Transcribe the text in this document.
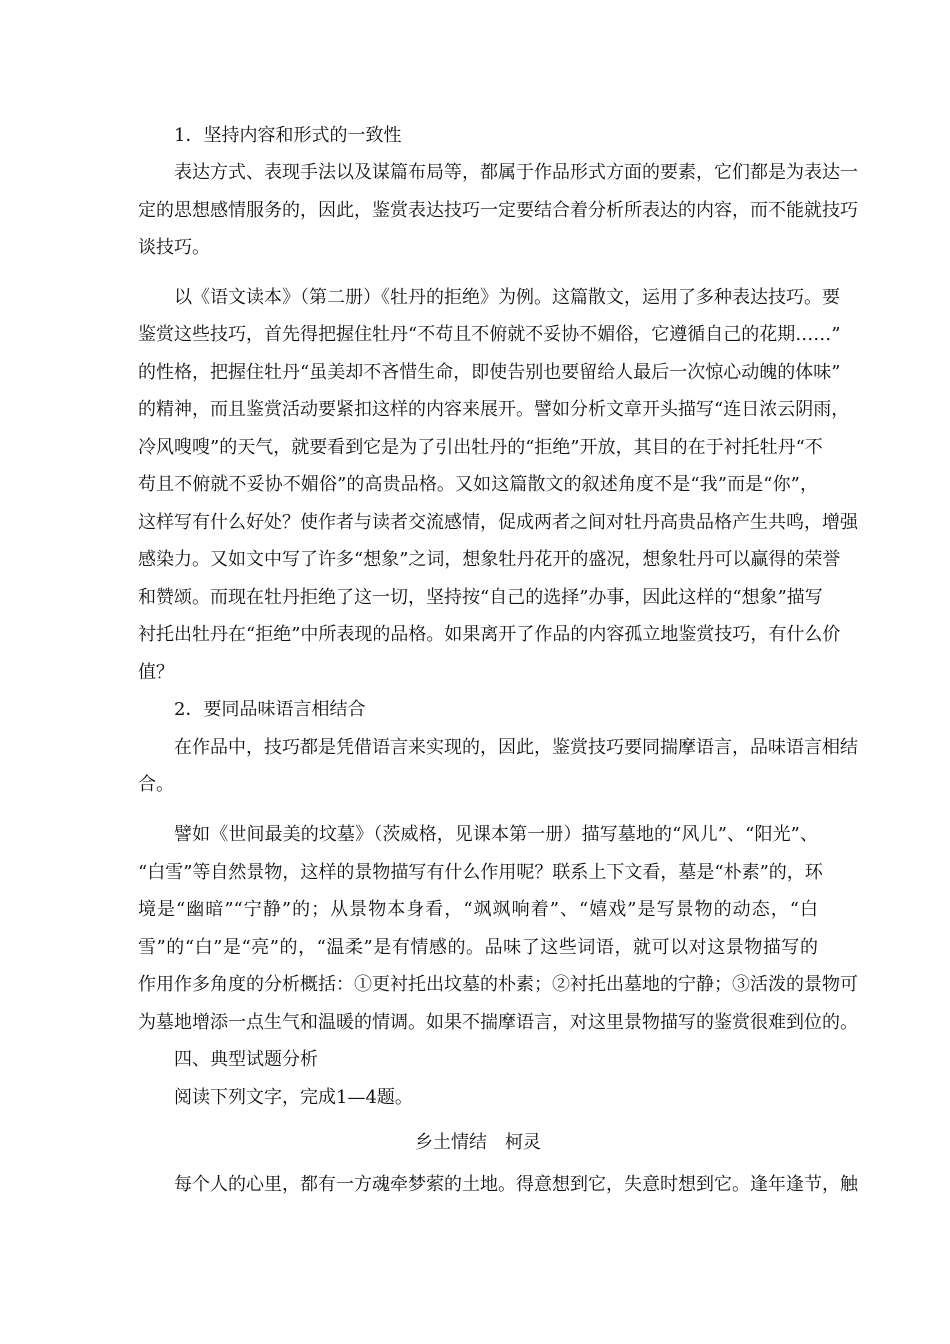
1．坚持内容和形式的一致性
表达方式、表现手法以及谋篇布局等，都属于作品形式方面的要素，它们都是为表达一
定的思想感情服务的，因此，鉴赏表达技巧一定要结合着分析所表达的内容，而不能就技巧
谈技巧。
以《语文读本》（第二册）《牡丹的拒绝》为例。这篇散文，运用了多种表达技巧。要
鉴赏这些技巧，首先得把握住牡丹“不苟且不俯就不妥协不媚俗，它遵循自己的花期……”
的性格，把握住牡丹“虽美却不吝惜生命，即使告别也要留给人最后一次惊心动魄的体味”
的精神，而且鉴赏活动要紧扣这样的内容来展开。譬如分析文章开头描写“连日浓云阴雨，
冷风嗖嗖”的天气，就要看到它是为了引出牡丹的“拒绝”开放，其目的在于衬托牡丹“不
苟且不俯就不妥协不媚俗”的高贵品格。又如这篇散文的叙述角度不是“我”而是“你”，
这样写有什么好处？使作者与读者交流感情，促成两者之间对牡丹高贵品格产生共鸣，增强
感染力。又如文中写了许多“想象”之词，想象牡丹花开的盛况，想象牡丹可以赢得的荣誉
和赞颂。而现在牡丹拒绝了这一切，坚持按“自己的选择”办事，因此这样的“想象”描写
衬托出牡丹在“拒绝”中所表现的品格。如果离开了作品的内容孤立地鉴赏技巧，有什么价
值？
2．要同品味语言相结合
在作品中，技巧都是凭借语言来实现的，因此，鉴赏技巧要同揣摩语言，品味语言相结
合。
譬如《世间最美的坟墓》（茨威格，见课本第一册）描写墓地的“风儿”、“阳光”、
“白雪”等自然景物，这样的景物描写有什么作用呢？联系上下文看，墓是“朴素”的，环
境是“幽暗”“宁静”的；从景物本身看，“飒飒响着”、“嬉戏”是写景物的动态，“白
雪”的“白”是“亮”的，“温柔”是有情感的。品味了这些词语，就可以对这景物描写的
作用作多角度的分析概括：①更衬托出坟墓的朴素；②衬托出墓地的宁静；③活泼的景物可
为墓地增添一点生气和温暖的情调。如果不揣摩语言，对这里景物描写的鉴赏很难到位的。
四、典型试题分析
阅读下列文字，完成1—4题。
乡土情结　柯灵
每个人的心里，都有一方魂牵梦萦的土地。得意想到它，失意时想到它。逢年逢节，触
